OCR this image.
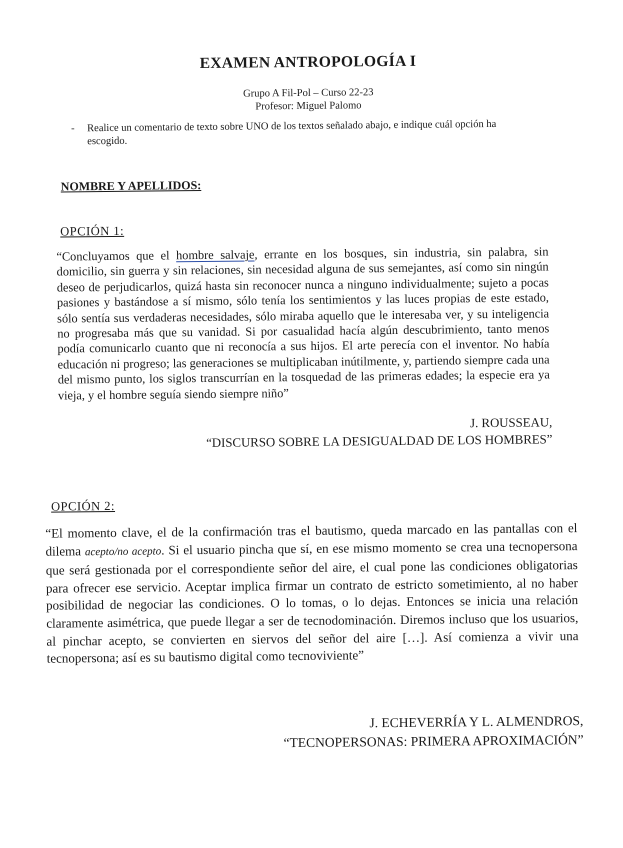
EXAMEN ANTROPOLOGÍA I
Grupo A Fil-Pol – Curso 22-23
Profesor: Miguel Palomo
- Realice un comentario de texto sobre UNO de los textos señalado abajo, e indique cuál opción ha escogido.
NOMBRE Y APELLIDOS:
OPCIÓN 1:
“Concluyamos que el hombre salvaje, errante en los bosques, sin industria, sin palabra, sin domicilio, sin guerra y sin relaciones, sin necesidad alguna de sus semejantes, así como sin ningún deseo de perjudicarlos, quizá hasta sin reconocer nunca a ninguno individualmente; sujeto a pocas pasiones y bastándose a sí mismo, sólo tenía los sentimientos y las luces propias de este estado, sólo sentía sus verdaderas necesidades, sólo miraba aquello que le interesaba ver, y su inteligencia no progresaba más que su vanidad. Si por casualidad hacía algún descubrimiento, tanto menos podía comunicarlo cuanto que ni reconocía a sus hijos. El arte perecía con el inventor. No había educación ni progreso; las generaciones se multiplicaban inútilmente, y, partiendo siempre cada una del mismo punto, los siglos transcurrían en la tosquedad de las primeras edades; la especie era ya vieja, y el hombre seguía siendo siempre niño”
J. ROUSSEAU,
“DISCURSO SOBRE LA DESIGUALDAD DE LOS HOMBRES”
OPCIÓN 2:
“El momento clave, el de la confirmación tras el bautismo, queda marcado en las pantallas con el dilema acepto/no acepto. Si el usuario pincha que sí, en ese mismo momento se crea una tecnopersona que será gestionada por el correspondiente señor del aire, el cual pone las condiciones obligatorias para ofrecer ese servicio. Aceptar implica firmar un contrato de estricto sometimiento, al no haber posibilidad de negociar las condiciones. O lo tomas, o lo dejas. Entonces se inicia una relación claramente asimétrica, que puede llegar a ser de tecnodominación. Diremos incluso que los usuarios, al pinchar acepto, se convierten en siervos del señor del aire […]. Así comienza a vivir una tecnopersona; así es su bautismo digital como tecnoviviente”
J. ECHEVERRÍA Y L. ALMENDROS,
“TECNOPERSONAS: PRIMERA APROXIMACIÓN”
